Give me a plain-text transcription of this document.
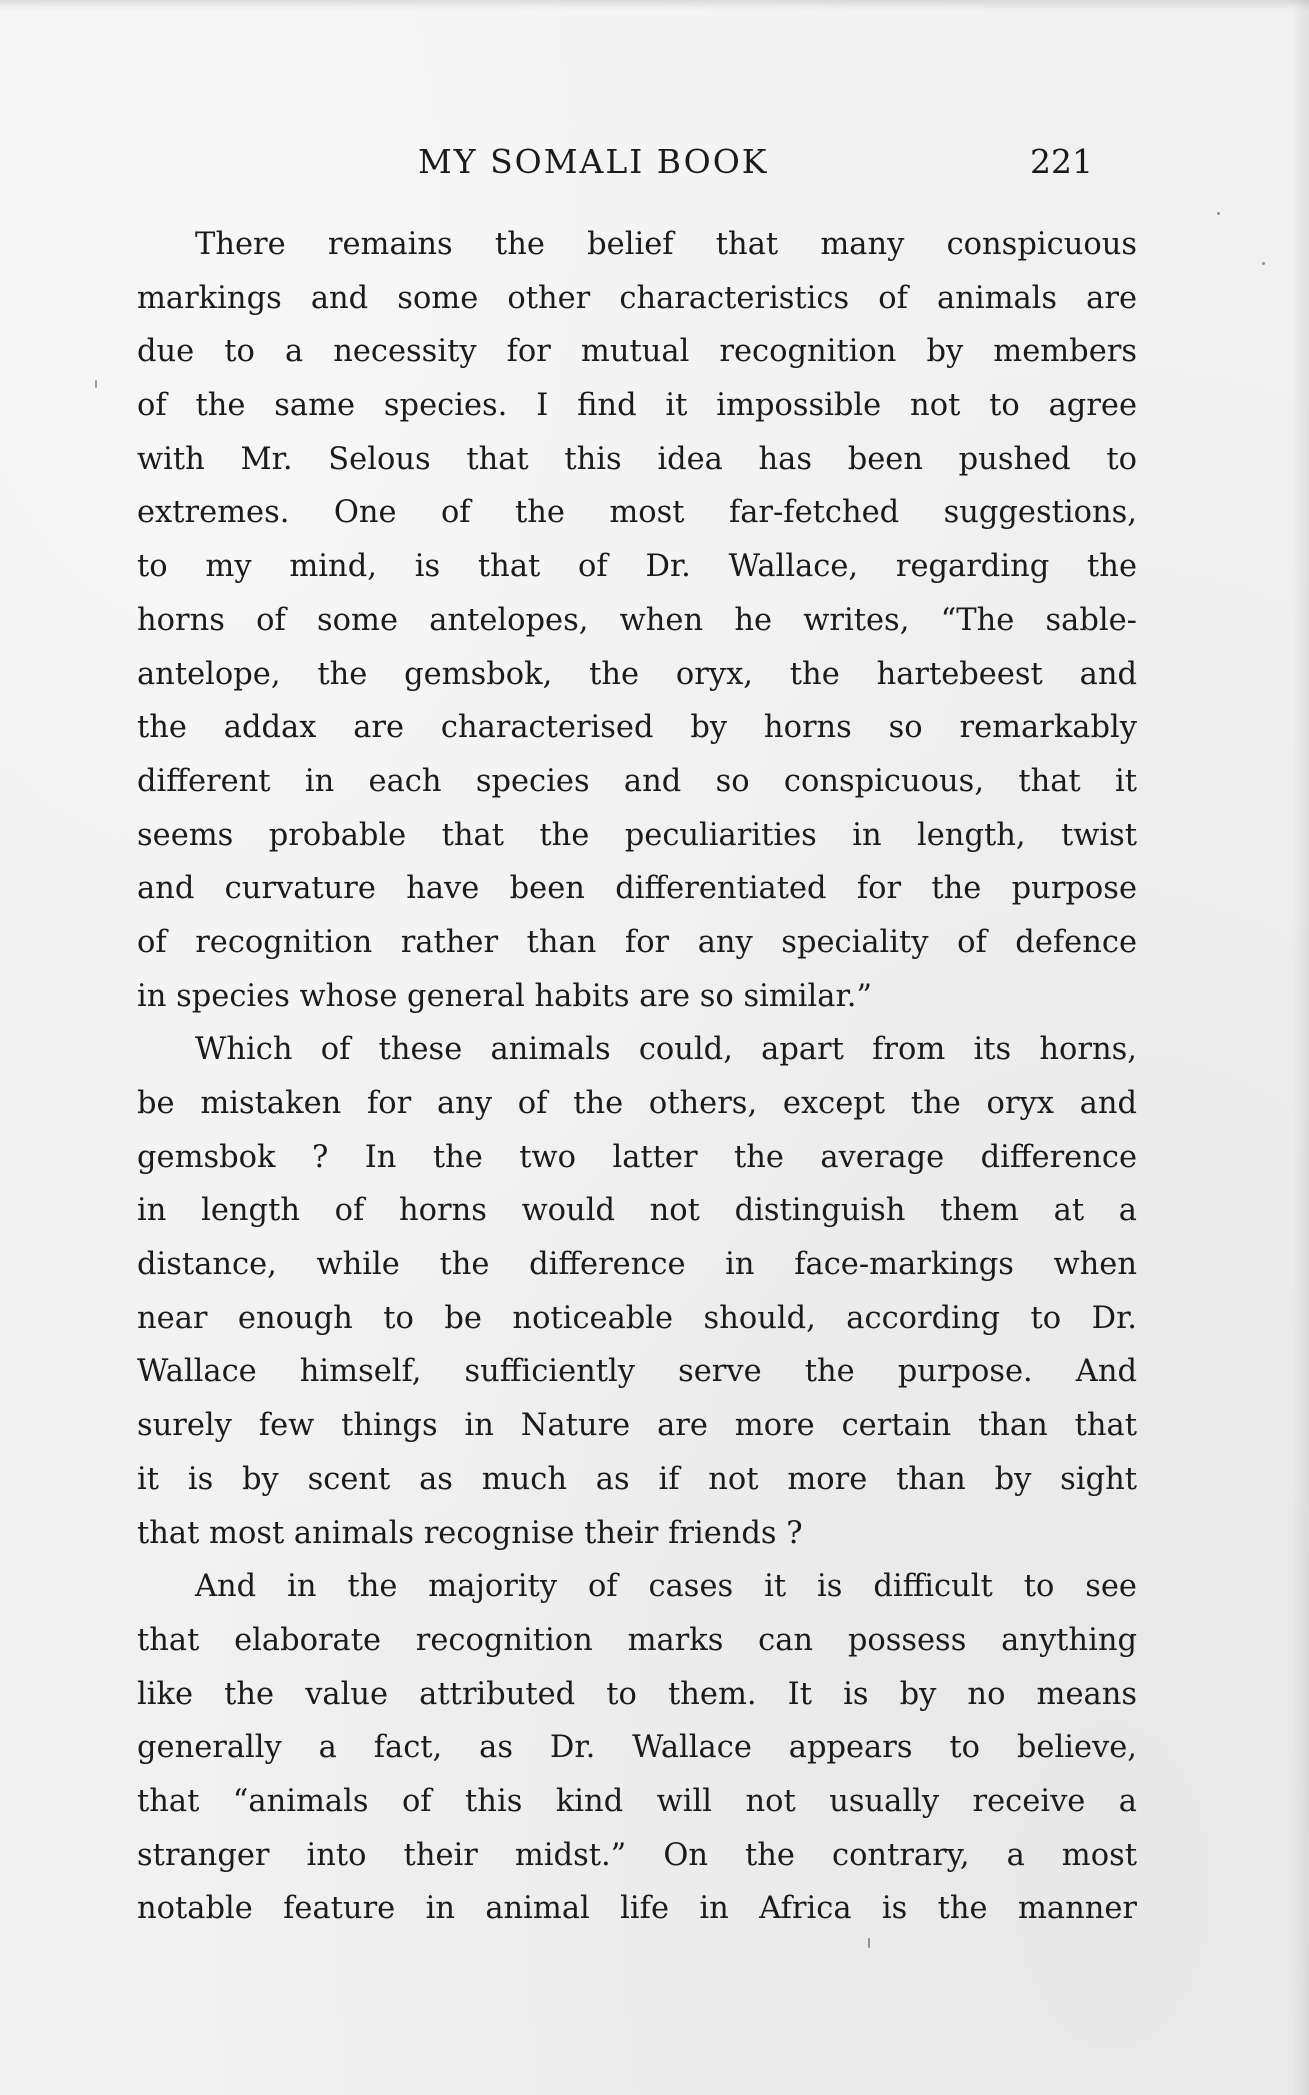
MY SOMALI BOOK	221
There remains the belief that many conspicuous
markings and some other characteristics of animals are
due to a necessity for mutual recognition by members
of the same species. I find it impossible not to agree
with Mr. Selous that this idea has been pushed to
extremes. One of the most far-fetched suggestions,
to my mind, is that of Dr. Wallace, regarding the
horns of some antelopes, when he writes, “The sable-
antelope, the gemsbok, the oryx, the hartebeest and
the addax are characterised by horns so remarkably
different in each species and so conspicuous, that it
seems probable that the peculiarities in length, twist
and curvature have been differentiated for the purpose
of recognition rather than for any speciality of defence
in species whose general habits are so similar.”
Which of these animals could, apart from its horns,
be mistaken for any of the others, except the oryx and
gemsbok ? In the two latter the average difference
in length of horns would not distinguish them at a
distance, while the difference in face-markings when
near enough to be noticeable should, according to Dr.
Wallace himself, sufficiently serve the purpose. And
surely few things in Nature are more certain than that
it is by scent as much as if not more than by sight
that most animals recognise their friends ?
And in the majority of cases it is difficult to see
that elaborate recognition marks can possess anything
like the value attributed to them. It is by no means
generally a fact, as Dr. Wallace appears to believe,
that “animals of this kind will not usually receive a
stranger into their midst.” On the contrary, a most
notable feature in animal life in Africa is the manner
